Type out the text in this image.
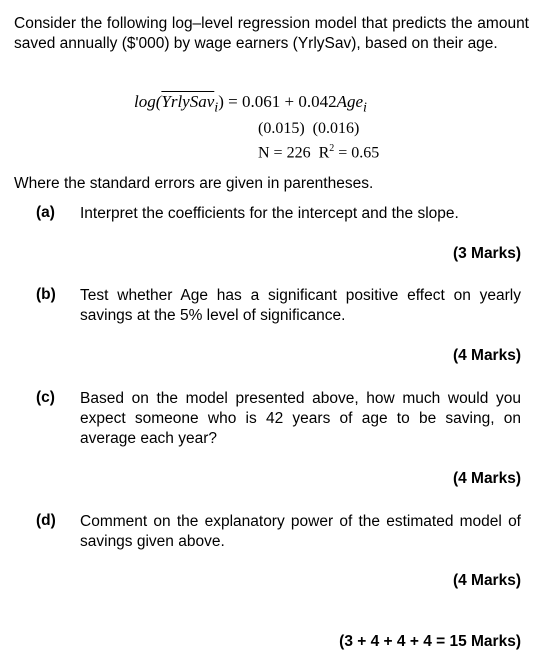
Consider the following log–level regression model that predicts the amount saved annually ($'000) by wage earners (YrlySav), based on their age.
log(YrlySav$_i$) = 0.061 + 0.042Age$_i$
(0.015)  (0.016)
N = 226 $R^2 = 0.65$
Where the standard errors are given in parentheses.
(a) Interpret the coefficients for the intercept and the slope.
(3 Marks)
(b) Test whether Age has a significant positive effect on yearly savings at the 5% level of significance.
(4 Marks)
(c) Based on the model presented above, how much would you expect someone who is 42 years of age to be saving, on average each year?
(4 Marks)
(d) Comment on the explanatory power of the estimated model of savings given above.
(4 Marks)
(3 + 4 + 4 + 4 = 15 Marks)
